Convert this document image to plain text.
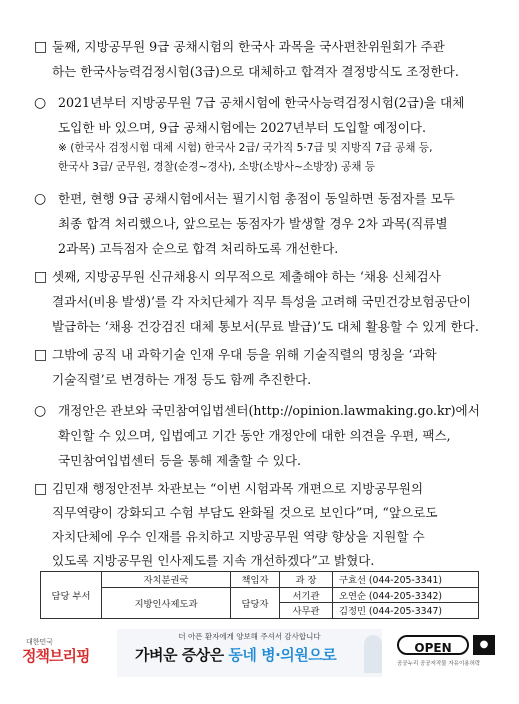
□ 둘째, 지방공무원 9급 공채시험의 한국사 과목을 국사편찬위원회가 주관
하는 한국사능력검정시험(3급)으로 대체하고 합격자 결정방식도 조정한다.
○ 2021년부터 지방공무원 7급 공채시험에 한국사능력검정시험(2급)을 대체
도입한 바 있으며, 9급 공채시험에는 2027년부터 도입할 예정이다.
○ 한편, 현행 9급 공채시험에서는 필기시험 총점이 동일하면 동점자를 모두
최종 합격 처리했으나, 앞으로는 동점자가 발생할 경우 2차 과목(직류별
2과목) 고득점자 순으로 합격 처리하도록 개선한다.
□ 셋째, 지방공무원 신규채용시 의무적으로 제출해야 하는 ‘채용 신체검사
결과서(비용 발생)’를 각 자치단체가 직무 특성을 고려해 국민건강보험공단이
발급하는 ‘채용 건강검진 대체 통보서(무료 발급)’도 대체 활용할 수 있게 한다.
□ 그밖에 공직 내 과학기술 인재 우대 등을 위해 기술직렬의 명칭을 ‘과학
기술직렬’로 변경하는 개정 등도 함께 추진한다.
○ 개정안은 관보와 국민참여입법센터(http://opinion.lawmaking.go.kr)에서
확인할 수 있으며, 입법예고 기간 동안 개정안에 대한 의견을 우편, 팩스,
국민참여입법센터 등을 통해 제출할 수 있다.
□ 김민재 행정안전부 차관보는 “이번 시험과목 개편으로 지방공무원의
직무역량이 강화되고 수험 부담도 완화될 것으로 보인다”며, “앞으로도
자치단체에 우수 인재를 유치하고 지방공무원 역량 향상을 지원할 수
있도록 지방공무원 인사제도를 지속 개선하겠다”고 밝혔다.
※ (한국사 검정시험 대체 시험) 한국사 2급/ 국가직 5·7급 및 지방직 7급 공채 등,
한국사 3급/ 군무원, 경찰(순경~경사), 소방(소방사~소방장) 공채 등
담당 부서	자치분권국	책임자	과 장	구효선 (044-205-3341)
	지방인사제도과	담당자	서기관	오연순 (044-205-3342)
			사무관	김정민 (044-205-3347)
대한민국
정책브리핑
더 아픈 환자에게 양보해 주셔서 감사합니다
가벼운 증상은 동네 병·의원으로	OPEN	●
공공누리 공공저작물 자유이용허락
